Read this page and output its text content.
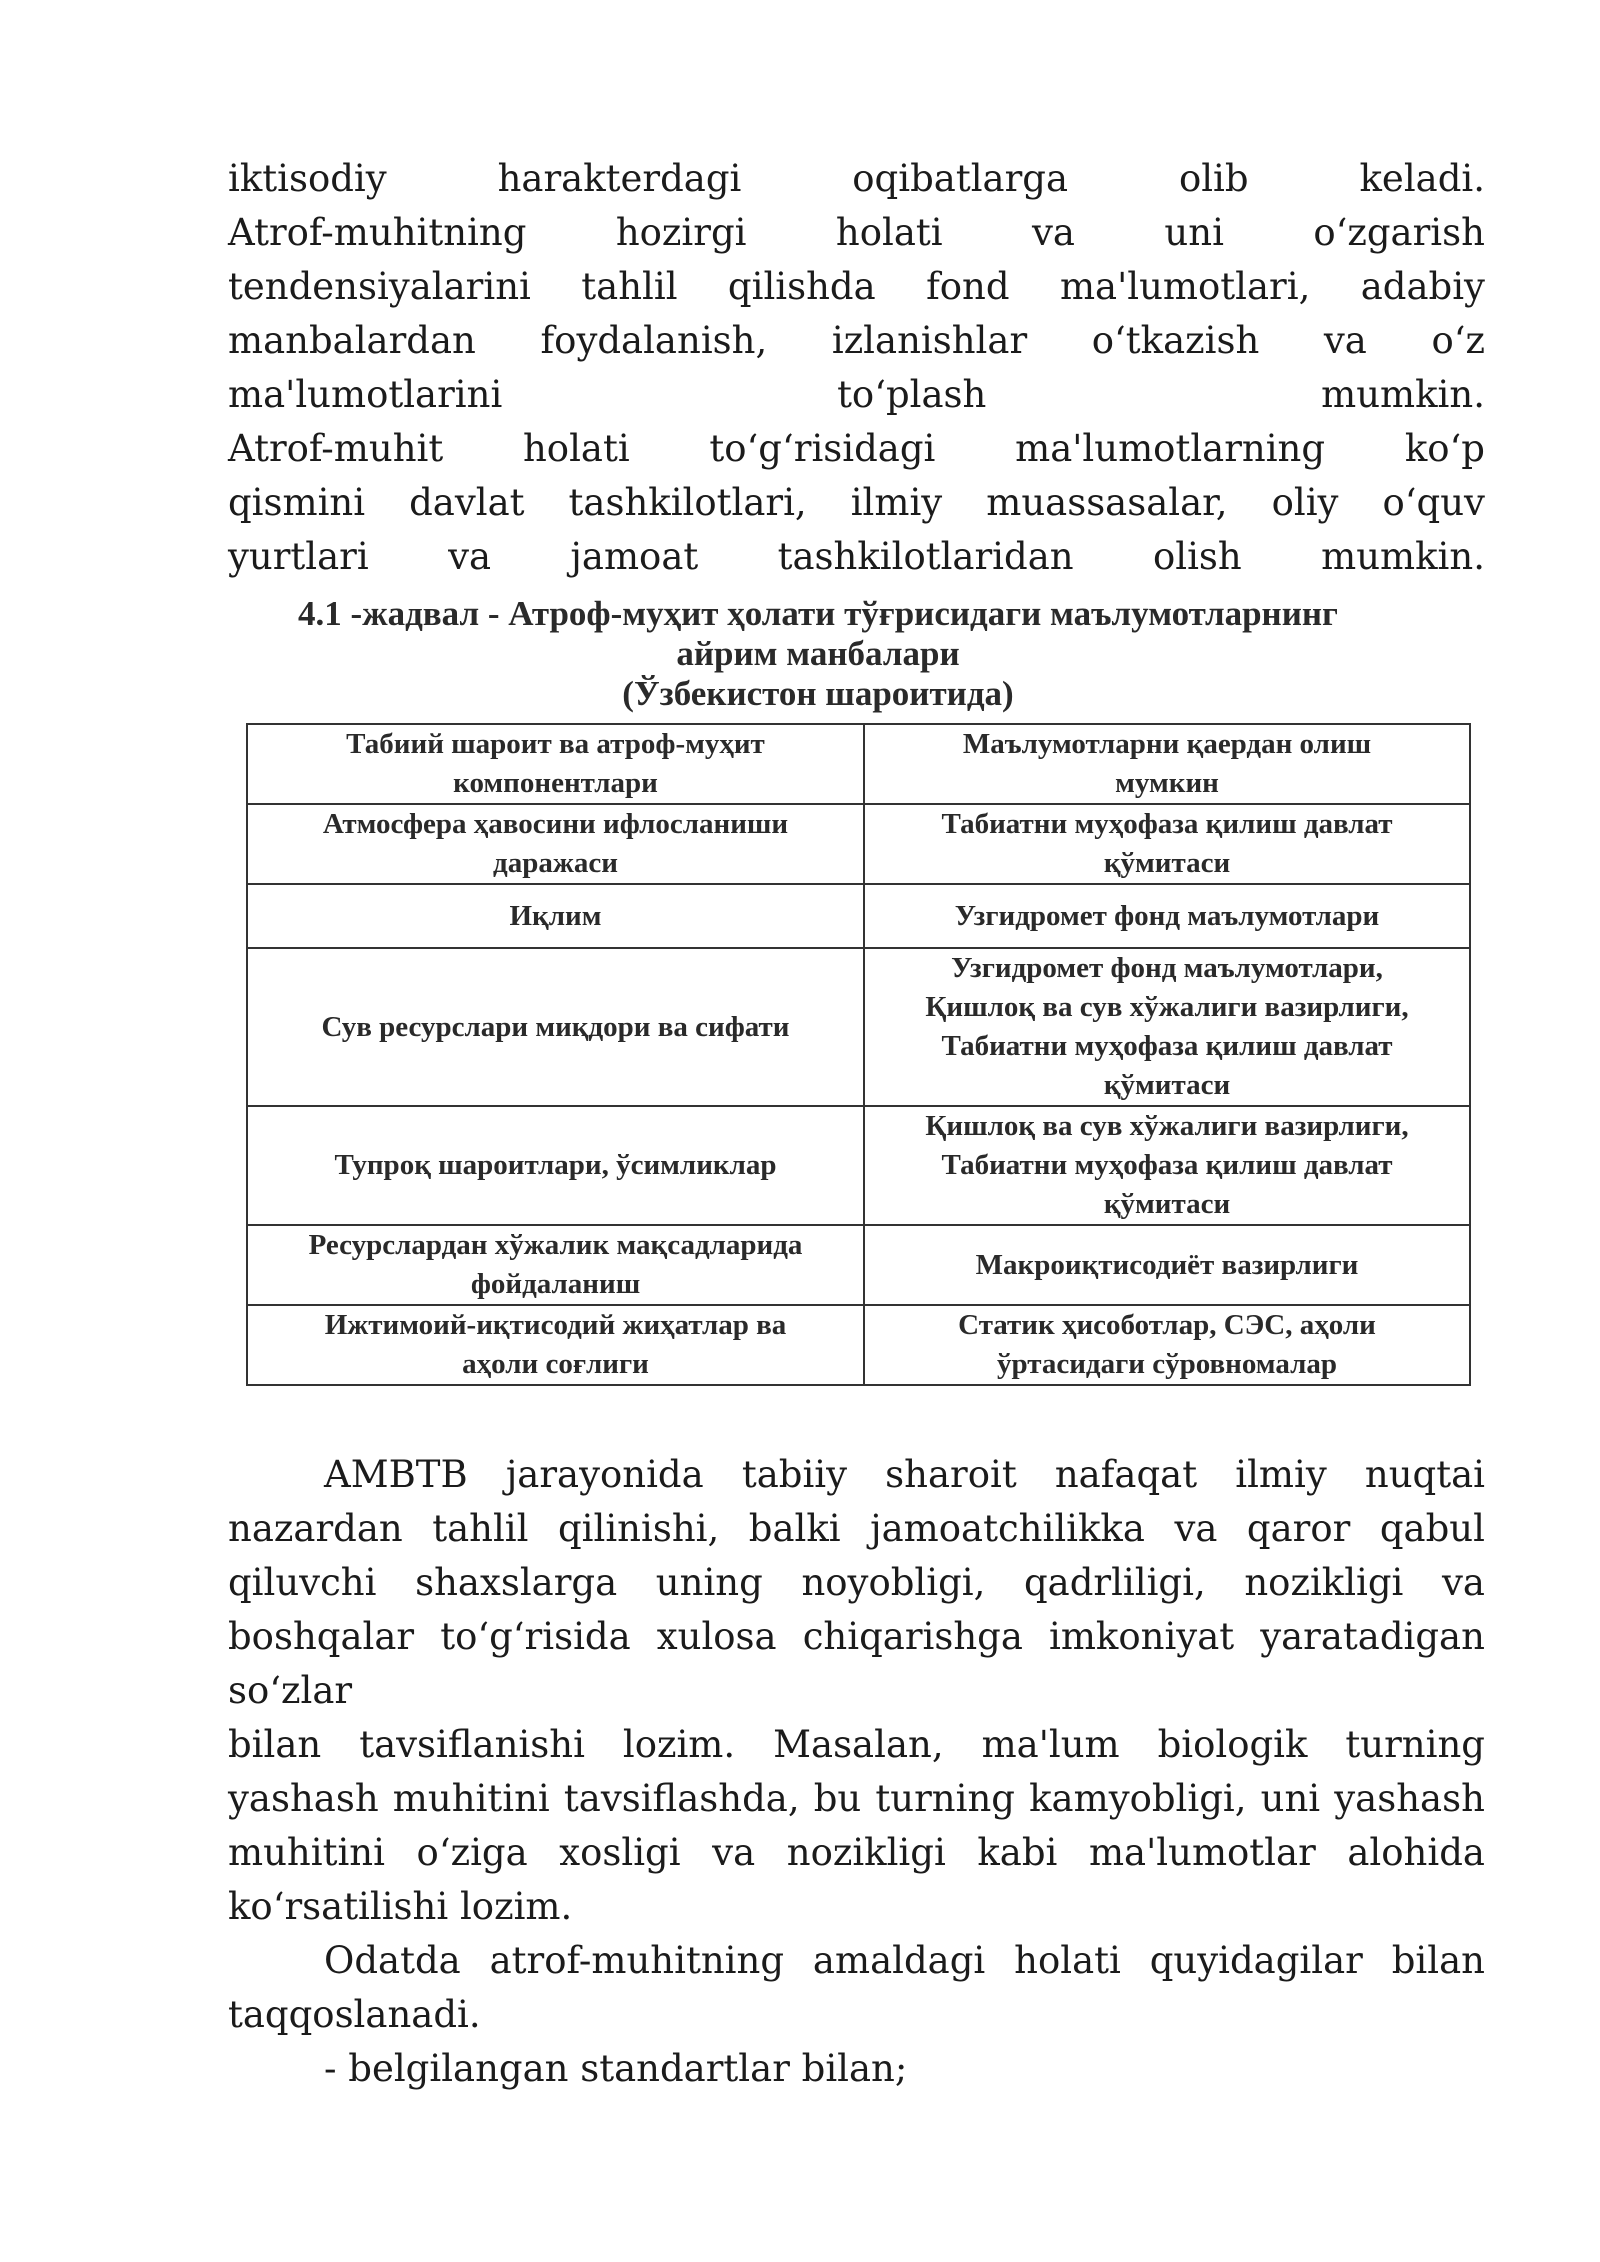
iktisodiy	harakterdagi	oqibatlarga	olib	keladi.
Atrof-muhitning hozirgi holati va uni o‘zgarish
tendensiyalarini tahlil qilishda fond ma'lumotlari, adabiy
manbalardan foydalanish, izlanishlar o‘tkazish va o‘z
ma'lumotlarini	to‘plash	mumkin.
Atrof-muhit holati to‘g‘risidagi ma'lumotlarning ko‘p
qismini davlat tashkilotlari, ilmiy muassasalar, oliy o‘quv
yurtlari va jamoat tashkilotlaridan olish mumkin.
4.1 -жадвал - Атроф-муҳит ҳолати тўғрисидаги маълумотларнинг
айрим манбалари
(Ўзбекистон шароитида)
Табиий шароит ва атроф-муҳит
компонентлари	Маълумотларни қаердан олиш
мумкин

Атмосфера ҳавосини ифлосланиши
даражаси	Табиатни муҳофаза қилиш давлат
қўмитаси

Иқлим	Узгидромет фонд маълумотлари

Сув ресурслари миқдори ва сифати	Узгидромет фонд маълумотлари,
Қишлоқ ва сув хўжалиги вазирлиги,
Табиатни муҳофаза қилиш давлат
қўмитаси

Тупроқ шароитлари, ўсимликлар	Қишлоқ ва сув хўжалиги вазирлиги,
Табиатни муҳофаза қилиш давлат
қўмитаси

Ресурслардан хўжалик мақсадларида
фойдаланиш	Макроиқтисодиёт вазирлиги

Ижтимоий-иқтисодий жиҳатлар ва
аҳоли соғлиги	Статик ҳисоботлар, СЭС, аҳоли
ўртасидаги сўровномалар
AMBTB jarayonida tabiiy sharoit nafaqat ilmiy nuqtai
nazardan tahlil qilinishi, balki jamoatchilikka va qaror qabul
qiluvchi shaxslarga uning noyobligi, qadrliligi, nozikligi va
boshqalar to‘g‘risida xulosa chiqarishga imkoniyat yaratadigan
so‘zlar
bilan tavsiflanishi lozim. Masalan, ma'lum biologik turning
yashash muhitini tavsiflashda, bu turning kamyobligi, uni yashash
muhitini o‘ziga xosligi va nozikligi kabi ma'lumotlar alohida
ko‘rsatilishi lozim.
Odatda atrof-muhitning amaldagi holati quyidagilar bilan
taqqoslanadi.
- belgilangan standartlar bilan;
